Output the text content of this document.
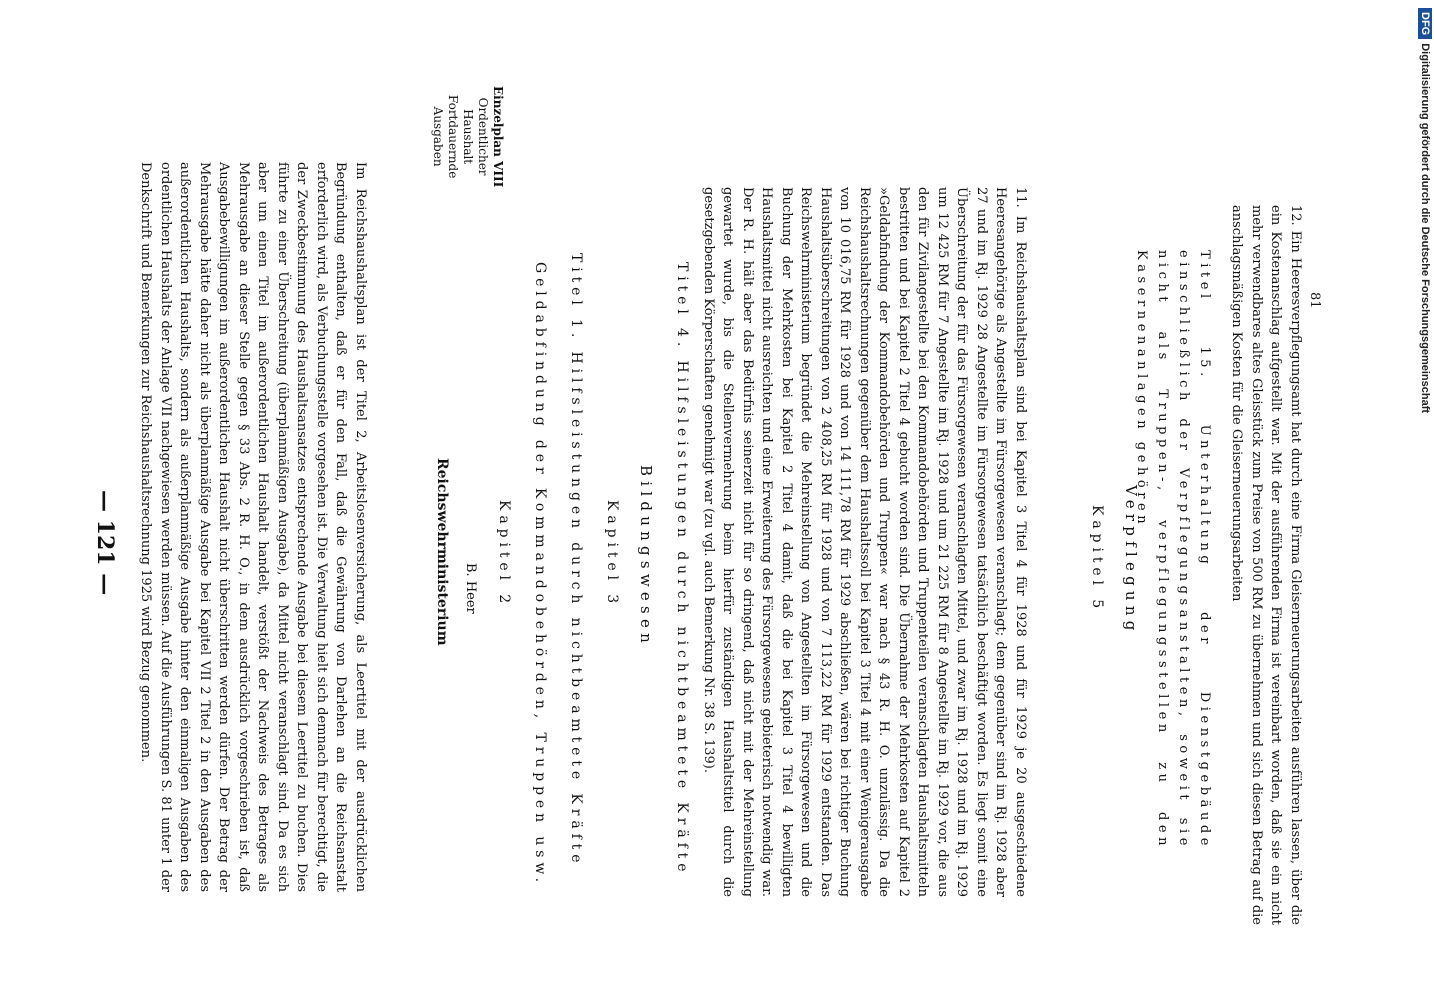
— 121 —	Im Reichshaushaltsplan ist der Titel 2, Arbeitslosenversicherung, als Leertitel mit der ausdrücklichen Begründung enthalten, daß er für den Fall, daß die Gewährung von Darlehen an die Reichsanstalt erforderlich wird, als Verbuchungsstelle vorgesehen ist. Die Verwaltung hielt sich demnach für berechtigt, die der Zweckbestimmung des Haushaltsansatzes entsprechende Ausgabe bei diesem Leertitel zu buchen. Dies führte zu einer Überschreitung (überplanmäßigen Ausgabe), da Mittel nicht veranschlagt sind. Da es sich aber um einen Titel im außerordentlichen Haushalt handelt, verstößt der Nachweis des Betrages als Mehrausgabe an dieser Stelle gegen § 33 Abs. 2 R. H. O., in dem ausdrücklich vorgeschrieben ist, daß Ausgabebewilligungen im außerordentlichen Haushalt nicht überschritten werden dürfen. Der Betrag der Mehrausgabe hätte daher nicht als überplanmäßige Ausgabe bei Kapitel VII 2 Titel 2 in den Ausgaben des außerordentlichen Haushalts, sondern als außerplanmäßige Ausgabe hinter den einmaligen Ausgaben des ordentlichen Haushalts der Anlage VII nachgewiesen werden müssen. Auf die Ausführungen S. 81 unter 1 der Denkschrift und Bemerkungen zur Reichshaushaltsrechnung 1925 wird Bezug genommen.	Reichswehrministerium B. Heer Kapitel 2 Geldabfindung der Kommandobehörden, Truppen usw. Titel 1. Hilfsleistungen durch nichtbeamtete Kräfte Kapitel 3 Bildungswesen Titel 4. Hilfsleistungen durch nichtbeamtete Kräfte	11. Im Reichshaushaltsplan sind bei Kapitel 3 Titel 4 für 1928 und für 1929 je 20 ausgeschiedene Heeresangehörige als Angestellte im Fürsorgewesen veranschlagt; dem gegenüber sind im Rj. 1928 aber 27 und im Rj. 1929 28 Angestellte im Fürsorgewesen tatsächlich beschäftigt worden. Es liegt somit eine Überschreitung der für das Fürsorgewesen veranschlagten Mittel, und zwar im Rj. 1928 und im Rj. 1929 um 12 425 RM für 7 Angestellte im Rj. 1928 und um 21 225 RM für 8 Angestellte im Rj. 1929 vor, die aus den für Zivilangestellte bei den Kommandobehörden und Truppenteilen veranschlagten Haushaltsmitteln bestritten und bei Kapitel 2 Titel 4 gebucht worden sind. Die Übernahme der Mehrkosten auf Kapitel 2 »Geldabfindung der Kommandobehörden und Truppen« war nach § 43 R. H. O. unzulässig. Da die Reichshaushaltsrechnungen gegenüber dem Haushaltssoll bei Kapitel 3 Titel 4 mit einer Wenigerausgabe von 10 016,75 RM für 1928 und von 14 111,78 RM für 1929 abschließen, wären bei richtiger Buchung Haushaltsüberschreitungen von 2 408,25 RM für 1928 und von 7 113,22 RM für 1929 entstanden. Das Reichswehrministerium begründet die Mehreinstellung von Angestellten im Fürsorgewesen und die Buchung der Mehrkosten bei Kapitel 2 Titel 4 damit, daß die bei Kapitel 3 Titel 4 bewilligten Haushaltsmittel nicht ausreichten und eine Erweiterung des Fürsorgewesens gebieterisch notwendig war. Der R. H. hält aber das Bedürfnis seinerzeit nicht für so dringend, daß nicht mit der Mehreinstellung gewartet wurde, bis die Stellenvermehrung beim hierfür zuständigen Haushaltstitel durch die gesetzgebenden Körperschaften genehmigt war (zu vgl. auch Bemerkung Nr. 38 S. 139).	Kapitel 5 Verpflegung	Titel 15. Unterhaltung der Dienstgebäude einschließlich der Verpflegungsanstalten, soweit sie nicht als Truppen-, verpflegungsstellen zu den Kasernenanlagen gehören	12. Ein Heeresverpflegungsamt hat durch eine Firma Gleiserneuerungsarbeiten ausführen lassen, über die ein Kostenanschlag aufgestellt war. Mit der ausführenden Firma ist vereinbart worden, daß sie ein nicht mehr verwendbares altes Gleisstück zum Preise von 500 RM zu übernehmen und sich diesen Betrag auf die anschlagsmäßigen Kosten für die Gleiserneuerungsarbeiten	81
Einzelplan VIII
Ordentlicher
Haushalt
Fortdauernde
Ausgaben
DFG
Digitalisierung gefördert durch die Deutsche Forschungsgemeinschaft
